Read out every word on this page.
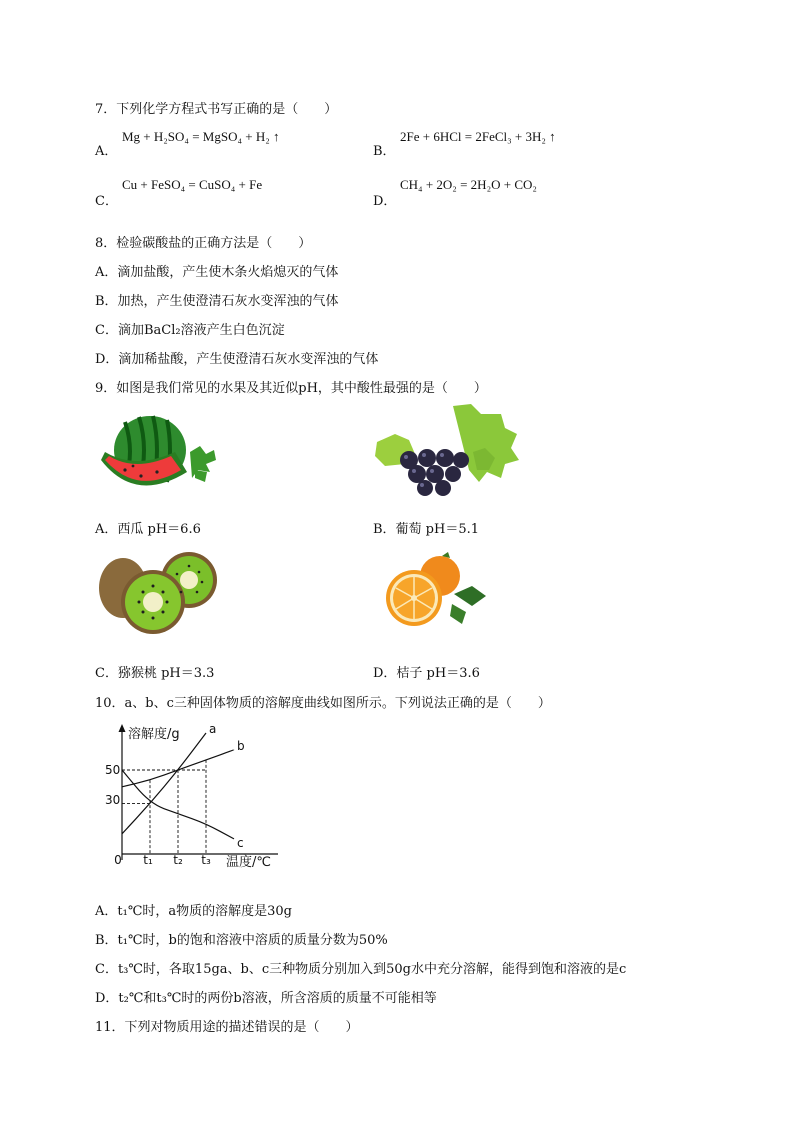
7．下列化学方程式书写正确的是（　　）
A．
Mg + H₂SO₄ = MgSO₄ + H₂ ↑
B．
2Fe + 6HCl = 2FeCl₃ + 3H₂ ↑
C．
Cu + FeSO₄ = CuSO₄ + Fe
D．
CH₄ + 2O₂ = 2H₂O + CO₂
8．检验碳酸盐的正确方法是（　　）
A．滴加盐酸，产生使木条火焰熄灭的气体
B．加热，产生使澄清石灰水变浑浊的气体
C．滴加BaCl₂溶液产生白色沉淀
D．滴加稀盐酸，产生使澄清石灰水变浑浊的气体
9．如图是我们常见的水果及其近似pH，其中酸性最强的是（　　）
A．西瓜 pH＝6.6	B．葡萄 pH＝5.1
C．猕猴桃 pH＝3.3	D．桔子 pH＝3.6
10．a、b、c三种固体物质的溶解度曲线如图所示。下列说法正确的是（　　）
溶解度/g
温度/℃
0
50
30
t₁ t₂ t₃
a
b
c
A．t₁℃时，a物质的溶解度是30g
B．t₁℃时，b的饱和溶液中溶质的质量分数为50%
C．t₃℃时，各取15ga、b、c三种物质分别加入到50g水中充分溶解，能得到饱和溶液的是c
D．t₂℃和t₃℃时的两份b溶液，所含溶质的质量不可能相等
11．下列对物质用途的描述错误的是（　　）
